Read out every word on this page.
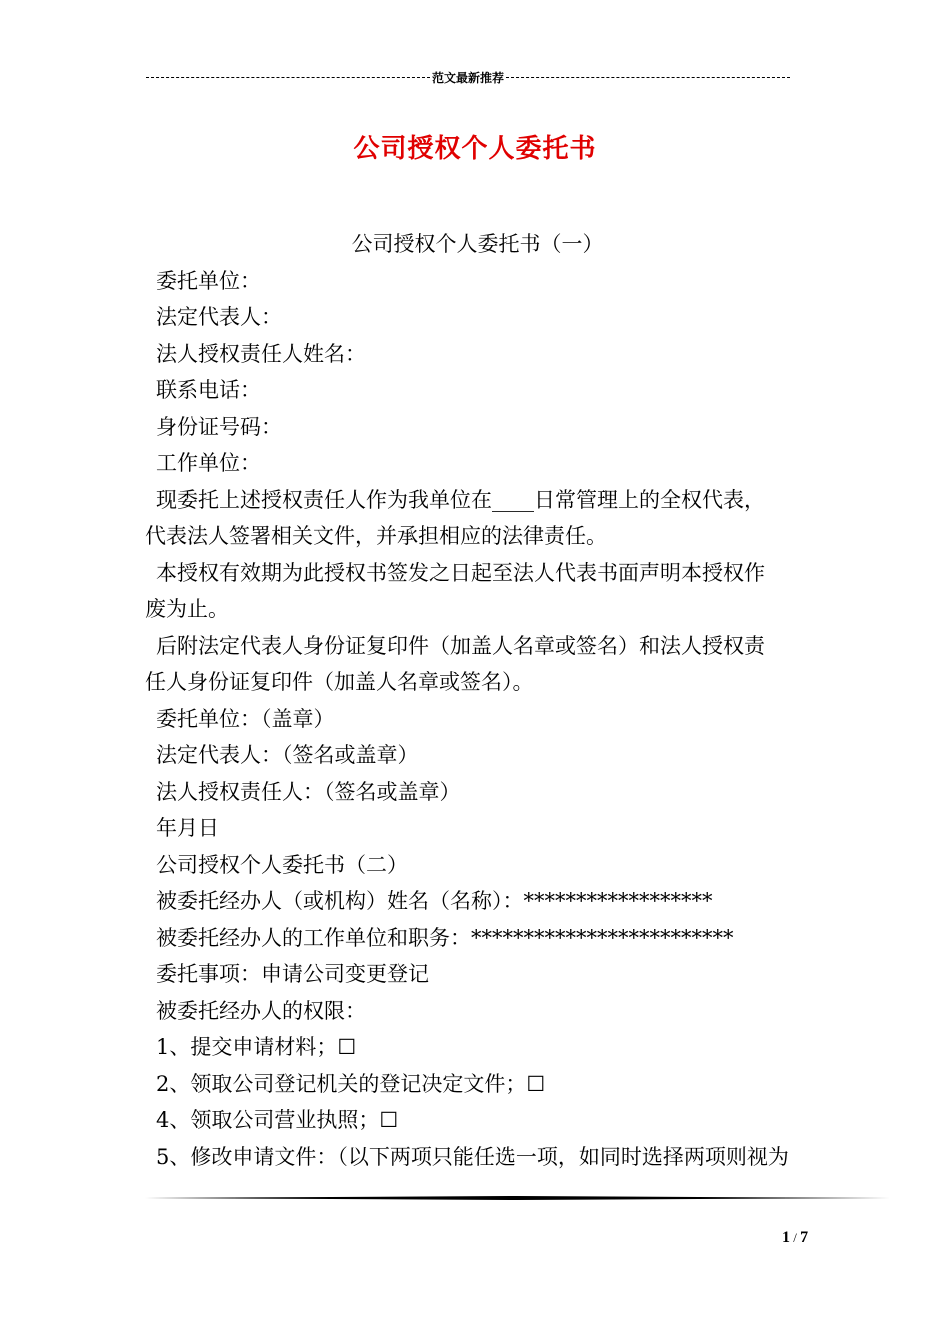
范文最新推荐
公司授权个人委托书
公司授权个人委托书（一）
委托单位：
法定代表人：
法人授权责任人姓名：
联系电话：
身份证号码：
工作单位：
现委托上述授权责任人作为我单位在____日常管理上的全权代表，
代表法人签署相关文件，并承担相应的法律责任。
本授权有效期为此授权书签发之日起至法人代表书面声明本授权作
废为止。
后附法定代表人身份证复印件（加盖人名章或签名）和法人授权责
任人身份证复印件（加盖人名章或签名）。
委托单位：（盖章）
法定代表人：（签名或盖章）
法人授权责任人：（签名或盖章）
年月日
公司授权个人委托书（二）
被委托经办人（或机构）姓名（名称）：******************
被委托经办人的工作单位和职务：*************************
委托事项：申请公司变更登记
被委托经办人的权限：
1、提交申请材料；☐
2、领取公司登记机关的登记决定文件；☐
4、领取公司营业执照；☐
5、修改申请文件：（以下两项只能任选一项，如同时选择两项则视为
1 / 7
